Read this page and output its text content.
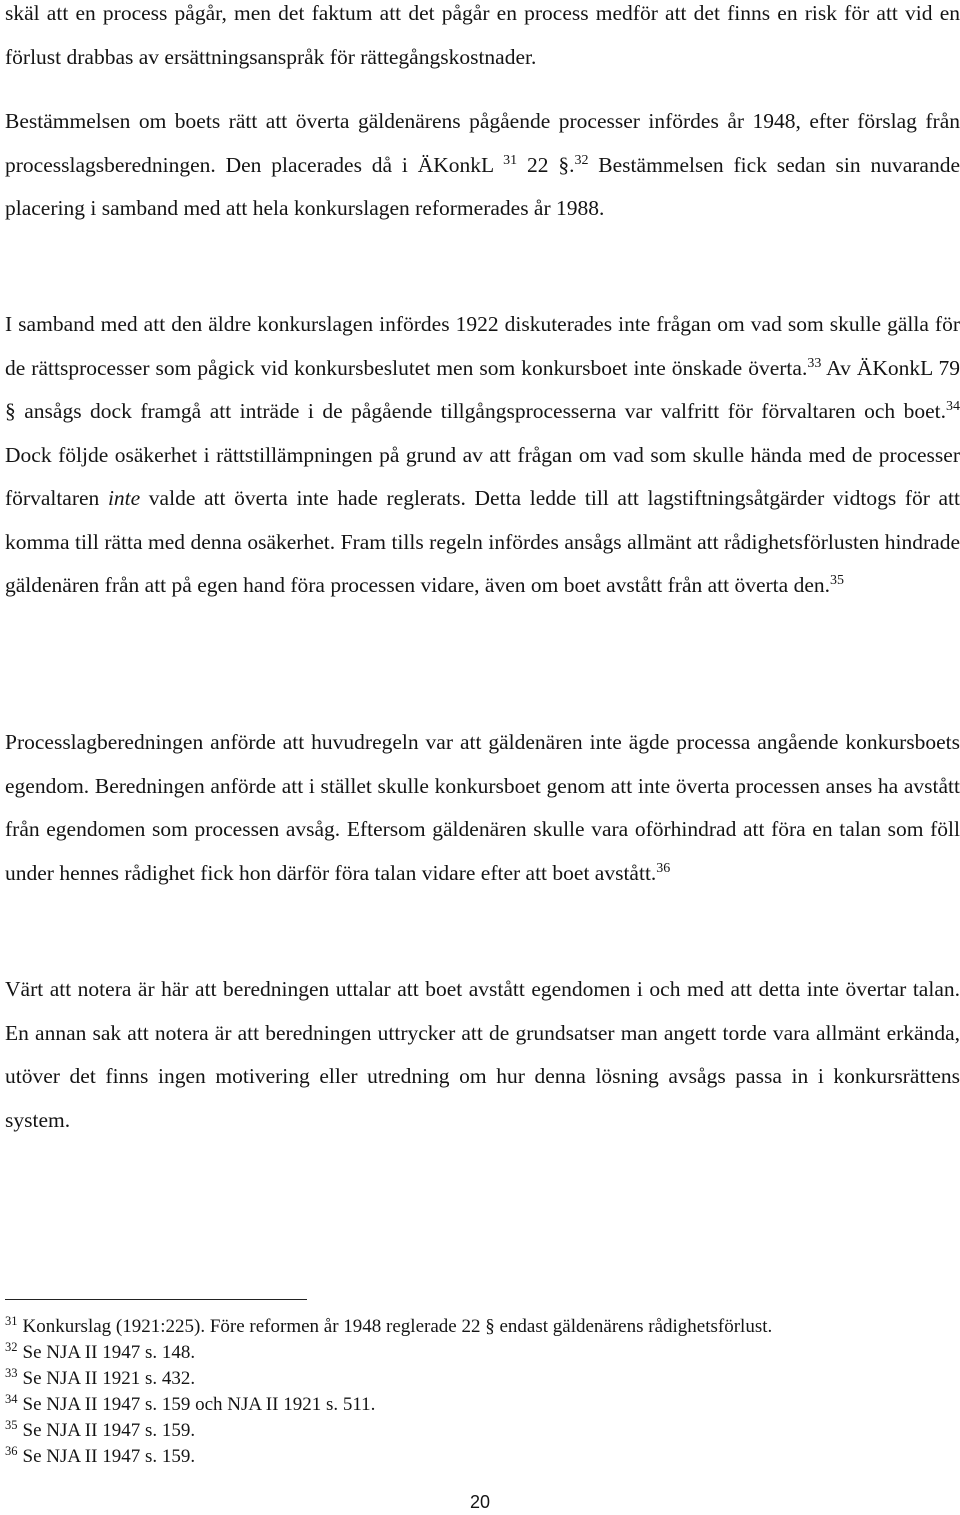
skäl att en process pågår, men det faktum att det pågår en process medför att det finns en risk för att vid en förlust drabbas av ersättningsanspråk för rättegångskostnader.

Bestämmelsen om boets rätt att överta gäldenärens pågående processer infördes år 1948, efter förslag från processlagsberedningen. Den placerades då i ÄKonkL $^{31}$ 22 §.$^{32}$ Bestämmelsen fick sedan sin nuvarande placering i samband med att hela konkurslagen reformerades år 1988.

I samband med att den äldre konkurslagen infördes 1922 diskuterades inte frågan om vad som skulle gälla för de rättsprocesser som pågick vid konkursbeslutet men som konkursboet inte önskade överta.$^{33}$ Av ÄKonkL 79 § ansågs dock framgå att inträde i de pågående tillgångsprocesserna var valfritt för förvaltaren och boet.$^{34}$ Dock följde osäkerhet i rättstillämpningen på grund av att frågan om vad som skulle hända med de processer förvaltaren inte valde att överta inte hade reglerats. Detta ledde till att lagstiftningsåtgärder vidtogs för att komma till rätta med denna osäkerhet. Fram tills regeln infördes ansågs allmänt att rådighetsförlusten hindrade gäldenären från att på egen hand föra processen vidare, även om boet avstått från att överta den.$^{35}$

Processlagberedningen anförde att huvudregeln var att gäldenären inte ägde processa angående konkursboets egendom. Beredningen anförde att i stället skulle konkursboet genom att inte överta processen anses ha avstått från egendomen som processen avsåg. Eftersom gäldenären skulle vara oförhindrad att föra en talan som föll under hennes rådighet fick hon därför föra talan vidare efter att boet avstått.$^{36}$

Värt att notera är här att beredningen uttalar att boet avstått egendomen i och med att detta inte övertar talan. En annan sak att notera är att beredningen uttrycker att de grundsatser man angett torde vara allmänt erkända, utöver det finns ingen motivering eller utredning om hur denna lösning avsågs passa in i konkursrättens system.

$^{31}$ Konkurslag (1921:225). Före reformen år 1948 reglerade 22 § endast gäldenärens rådighetsförlust.
$^{32}$ Se NJA II 1947 s. 148.
$^{33}$ Se NJA II 1921 s. 432.
$^{34}$ Se NJA II 1947 s. 159 och NJA II 1921 s. 511.
$^{35}$ Se NJA II 1947 s. 159.
$^{36}$ Se NJA II 1947 s. 159.
20
